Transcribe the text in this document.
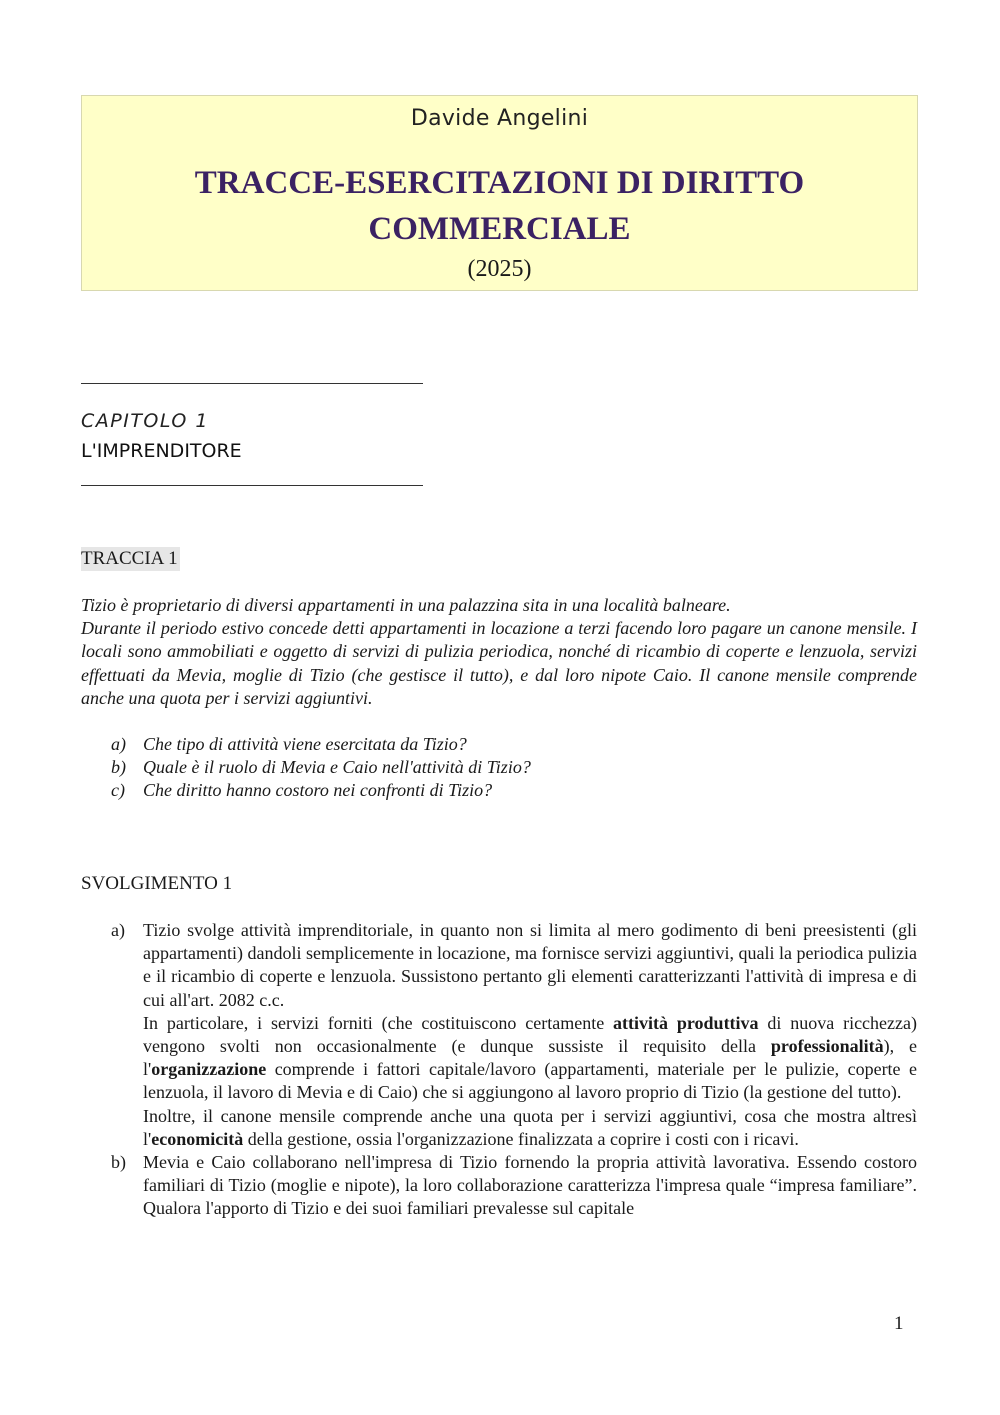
Davide Angelini
TRACCE-ESERCITAZIONI DI DIRITTO
COMMERCIALE
(2025)
CAPITOLO 1
L'IMPRENDITORE
TRACCIA 1

Tizio è proprietario di diversi appartamenti in una palazzina sita in una località balneare.

Durante il periodo estivo concede detti appartamenti in locazione a terzi facendo loro pagare un canone mensile. I locali sono ammobiliati e oggetto di servizi di pulizia periodica, nonché di ricambio di coperte e lenzuola, servizi effettuati da Mevia, moglie di Tizio (che gestisce il tutto), e dal loro nipote Caio. Il canone mensile comprende anche una quota per i servizi aggiuntivi.

a) Che tipo di attività viene esercitata da Tizio?
b) Quale è il ruolo di Mevia e Caio nell'attività di Tizio?
c) Che diritto hanno costoro nei confronti di Tizio?
SVOLGIMENTO 1
a) Tizio svolge attività imprenditoriale, in quanto non si limita al mero godimento di beni preesistenti (gli appartamenti) dandoli semplicemente in locazione, ma fornisce servizi aggiuntivi, quali la periodica pulizia e il ricambio di coperte e lenzuola. Sussistono pertanto gli elementi caratterizzanti l'attività di impresa e di cui all'art. 2082 c.c.

In particolare, i servizi forniti (che costituiscono certamente attività produttiva di nuova ricchezza) vengono svolti non occasionalmente (e dunque sussiste il requisito della professionalità), e l'organizzazione comprende i fattori capitale/lavoro (appartamenti, materiale per le pulizie, coperte e lenzuola, il lavoro di Mevia e di Caio) che si aggiungono al lavoro proprio di Tizio (la gestione del tutto).

Inoltre, il canone mensile comprende anche una quota per i servizi aggiuntivi, cosa che mostra altresì l'economicità della gestione, ossia l'organizzazione finalizzata a coprire i costi con i ricavi.

b) Mevia e Caio collaborano nell'impresa di Tizio fornendo la propria attività lavorativa. Essendo costoro familiari di Tizio (moglie e nipote), la loro collaborazione caratterizza l'impresa quale “impresa familiare”. Qualora l'apporto di Tizio e dei suoi familiari prevalesse sul capitale

1
